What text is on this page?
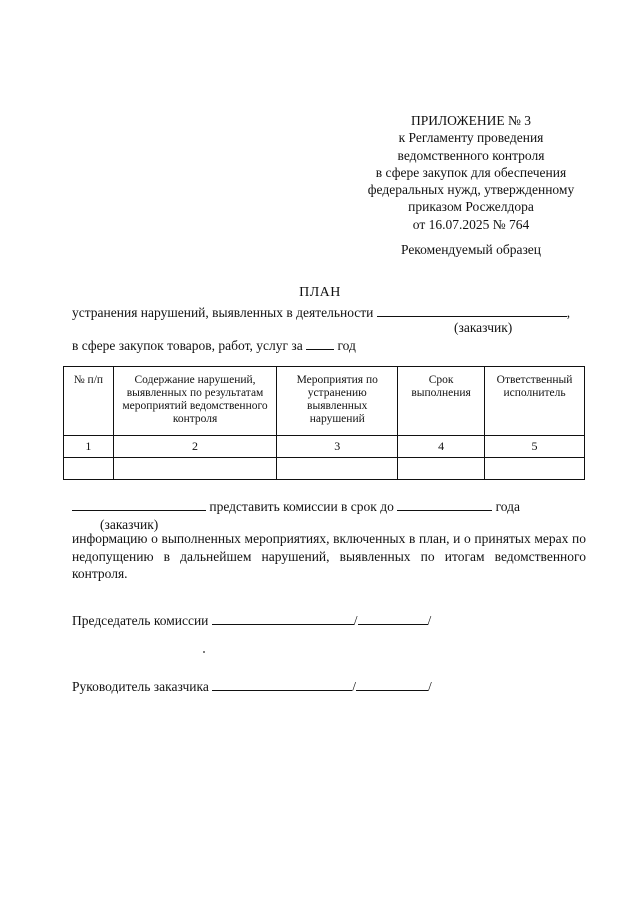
ПРИЛОЖЕНИЕ № 3
к Регламенту проведения
ведомственного контроля
в сфере закупок для обеспечения
федеральных нужд, утвержденному
приказом Росжелдора
от 16.07.2025 № 764
Рекомендуемый образец
ПЛАН
устранения нарушений, выявленных в деятельности	,
(заказчик)
в сфере закупок товаров, работ, услуг за	год
№ п/п	Содержание нарушений, выявленных по результатам мероприятий ведомственного контроля	Мероприятия по устранению выявленных нарушений	Срок выполнения	Ответственный исполнитель
1	2	3	4	5

представить комиссии в срок до	года
(заказчик)
информацию о выполненных мероприятиях, включенных в план, и о принятых мерах по недопущению в дальнейшем нарушений, выявленных по итогам ведомственного контроля.
Председатель комиссии	/	/
Руководитель заказчика	/	/
